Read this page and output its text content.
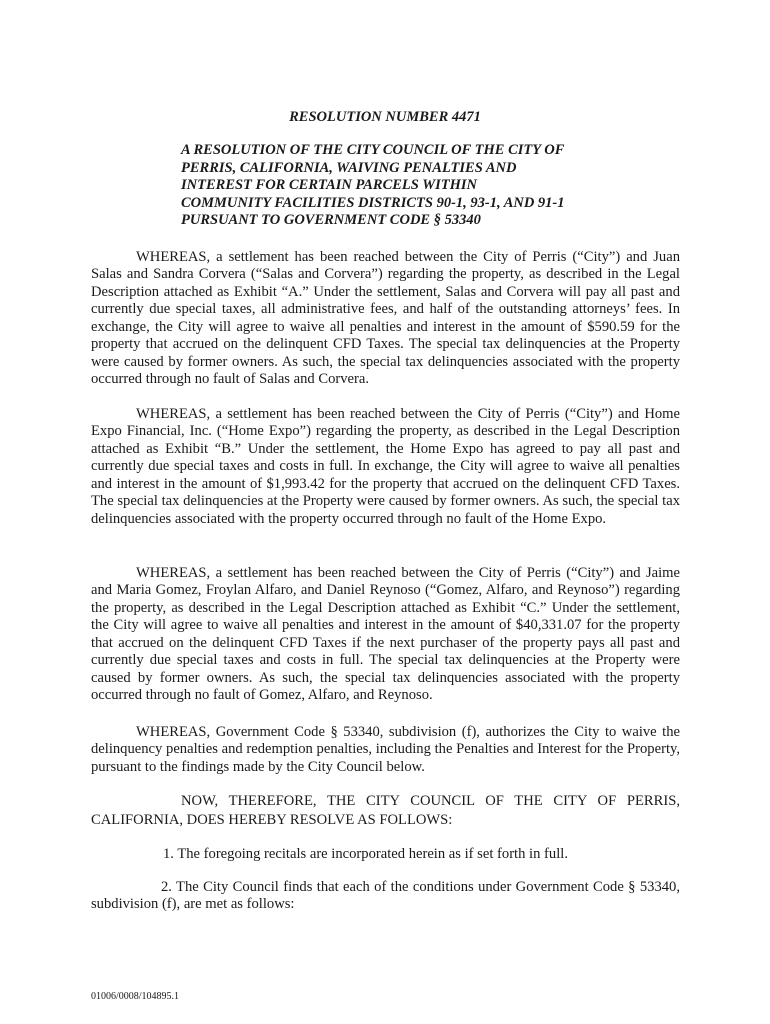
RESOLUTION NUMBER 4471
A RESOLUTION OF THE CITY COUNCIL OF THE CITY OF
PERRIS, CALIFORNIA, WAIVING PENALTIES AND
INTEREST FOR CERTAIN PARCELS WITHIN
COMMUNITY FACILITIES DISTRICTS 90-1, 93-1, AND 91-1
PURSUANT TO GOVERNMENT CODE § 53340

WHEREAS, a settlement has been reached between the City of Perris (“City”) and Juan Salas and Sandra Corvera (“Salas and Corvera”) regarding the property, as described in the Legal Description attached as Exhibit “A.” Under the settlement, Salas and Corvera will pay all past and currently due special taxes, all administrative fees, and half of the outstanding attorneys’ fees. In exchange, the City will agree to waive all penalties and interest in the amount of $590.59 for the property that accrued on the delinquent CFD Taxes. The special tax delinquencies at the Property were caused by former owners. As such, the special tax delinquencies associated with the property occurred through no fault of Salas and Corvera.

WHEREAS, a settlement has been reached between the City of Perris (“City”) and Home Expo Financial, Inc. (“Home Expo”) regarding the property, as described in the Legal Description attached as Exhibit “B.” Under the settlement, the Home Expo has agreed to pay all past and currently due special taxes and costs in full. In exchange, the City will agree to waive all penalties and interest in the amount of $1,993.42 for the property that accrued on the delinquent CFD Taxes. The special tax delinquencies at the Property were caused by former owners. As such, the special tax delinquencies associated with the property occurred through no fault of the Home Expo.

WHEREAS, a settlement has been reached between the City of Perris (“City”) and Jaime and Maria Gomez, Froylan Alfaro, and Daniel Reynoso (“Gomez, Alfaro, and Reynoso”) regarding the property, as described in the Legal Description attached as Exhibit “C.” Under the settlement, the City will agree to waive all penalties and interest in the amount of $40,331.07 for the property that accrued on the delinquent CFD Taxes if the next purchaser of the property pays all past and currently due special taxes and costs in full. The special tax delinquencies at the Property were caused by former owners. As such, the special tax delinquencies associated with the property occurred through no fault of Gomez, Alfaro, and Reynoso.

WHEREAS, Government Code § 53340, subdivision (f), authorizes the City to waive the delinquency penalties and redemption penalties, including the Penalties and Interest for the Property, pursuant to the findings made by the City Council below.

NOW, THEREFORE, THE CITY COUNCIL OF THE CITY OF PERRIS, CALIFORNIA, DOES HEREBY RESOLVE AS FOLLOWS:

1. The foregoing recitals are incorporated herein as if set forth in full.

2. The City Council finds that each of the conditions under Government Code § 53340, subdivision (f), are met as follows:

01006/0008/104895.1
